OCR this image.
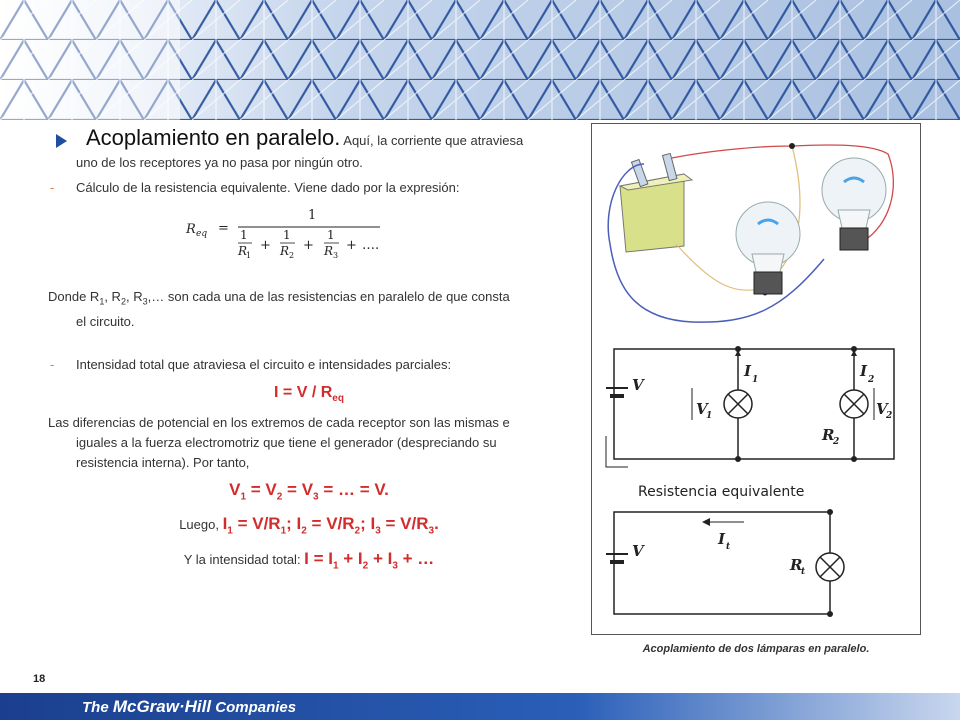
Acoplamiento en paralelo. Aquí, la corriente que atraviesa
uno de los receptores ya no pasa por ningún otro.
- Cálculo de la resistencia equivalente. Viene dado por la expresión:
R eq =
1
1
R
1
+
1
R 2
+
1
R 3
+ ….
Donde $R_1$, $R_2$, $R_3,\dots$ son cada una de las resistencias en paralelo de que consta
el circuito.
- Intensidad total que atraviesa el circuito e intensidades parciales:
$I = V / R_{eq}$
Las diferencias de potencial en los extremos de cada receptor son las mismas e
iguales a la fuerza electromotriz que tiene el generador (despreciando su
resistencia interna). Por tanto,
$V_1 = V_2 = V_3$ = … = V.
Luego, $I_1 = V/R_1$; $I_2 = V/R_2$; $I_3 = V/R_3$.
Y la intensidad total: $I = I_1 + I_2 + I_3$ + …
V
I 1	I 2
V
1	V
2
R
2
Resistencia equivalente
V
I t
R
t
Acoplamiento de dos lámparas en paralelo.
18
The McGraw·Hill Companies
